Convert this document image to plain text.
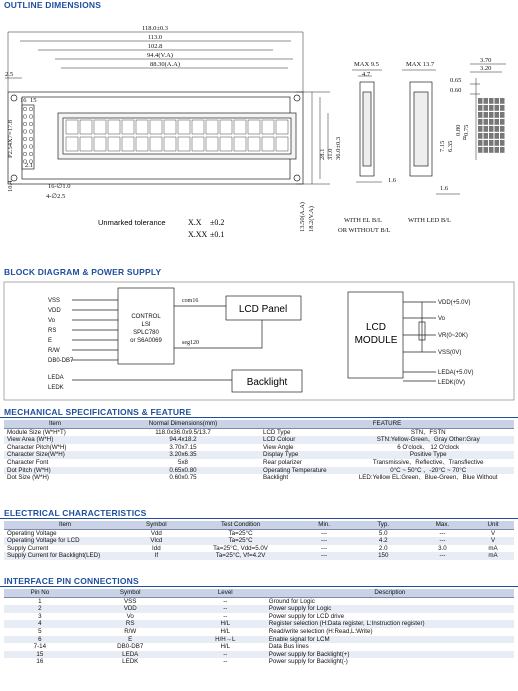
OUTLINE DIMENSIONS
118.0±0.3
113.0
102.8
94.4(V.A)
88.30(A.A)
2.5
16 15
P2.54X7=17.8
10.4
2.1
16-∅1.0
4-∅2.5
28.1 31.0 36.0±0.3
13.50(A.A) 18.2(V.A)
MAX 9.5
4.7
1.6
MAX 13.7
1.6
3.70
3.20
0.65
0.60
7.15 6.35
0.80 0.75
8
Unmarked tolerance	X.X ±0.2
X.XX ±0.1
WITH EL B/L
OR WITHOUT B/L
WITH LED B/L
BLOCK DIAGRAM & POWER SUPPLY
VSS
VDD
Vo
RS
E
R/W
DB0-DB7
LEDA
LEDK
CONTROL
LSI
SPLC780
or S6A0069
com16
seg120
LCD Panel
Backlight
LCD
MODULE
VDD(+5.0V)
Vo
VR(0~20K)
VSS(0V)
LEDA(+5.0V)
LEDK(0V)
MECHANICAL SPECIFICATIONS & FEATURE
Item	Normal Dimensions(mm)	FEATURE	
Module Size (W*H*T)	118.0x36.0x9.5/13.7	LCD Type	STN、FSTN
View Area (W*H)	94.4x18.2	LCD Colour	STN:Yellow-Green、Gray Other:Gray
Character Pitch(W*H)	3.70x7.15	View Angle	6 O'clock、 12 O'clock
Character Size(W*H)	3.20x6.35	Display Type	Positive Type
Character Font	5x8	Rear polarizer	Transmissive、Reflective、Transflective
Dot Pitch (W*H)	0.65x0.80	Operating Temperature	0°C ~ 50°C 、-20°C ~ 70°C
Dot Size (W*H)	0.60x0.75	Backlight	LED:Yellow EL:Green、Blue-Green、Blue Without
ELECTRICAL CHARACTERISTICS
Item	Symbol	Test Condition	Min.	Typ.	Max.	Unit
Operating Voltage	Vdd	Ta=25°C	---	5.0	---	V
Operating Voltage for LCD	Vlcd	Ta=25°C	---	4.2	---	V
Supply Current	Idd	Ta=25°C, Vdd=5.0V	---	2.0	3.0	mA
Supply Current for Backlight(LED)	If	Ta=25°C, Vf=4.2V	---	150	---	mA
INTERFACE PIN CONNECTIONS
Pin No	Symbol	Level	Description
1	VSS	--	Ground for Logic
2	VDD	--	Power supply for Logic
3	Vo	--	Power supply for LCD drive
4	RS	H/L	Register selection (H:Data register, L:Instruction register)
5	R/W	H/L	Read/write selection (H:Read,L:Write)
6	E	H/H→L	Enable signal for LCM
7-14	DB0-DB7	H/L	Data Bus lines
15	LEDA	--	Power supply for Backlight(+)
16	LEDK	--	Power supply for Backlight(-)
